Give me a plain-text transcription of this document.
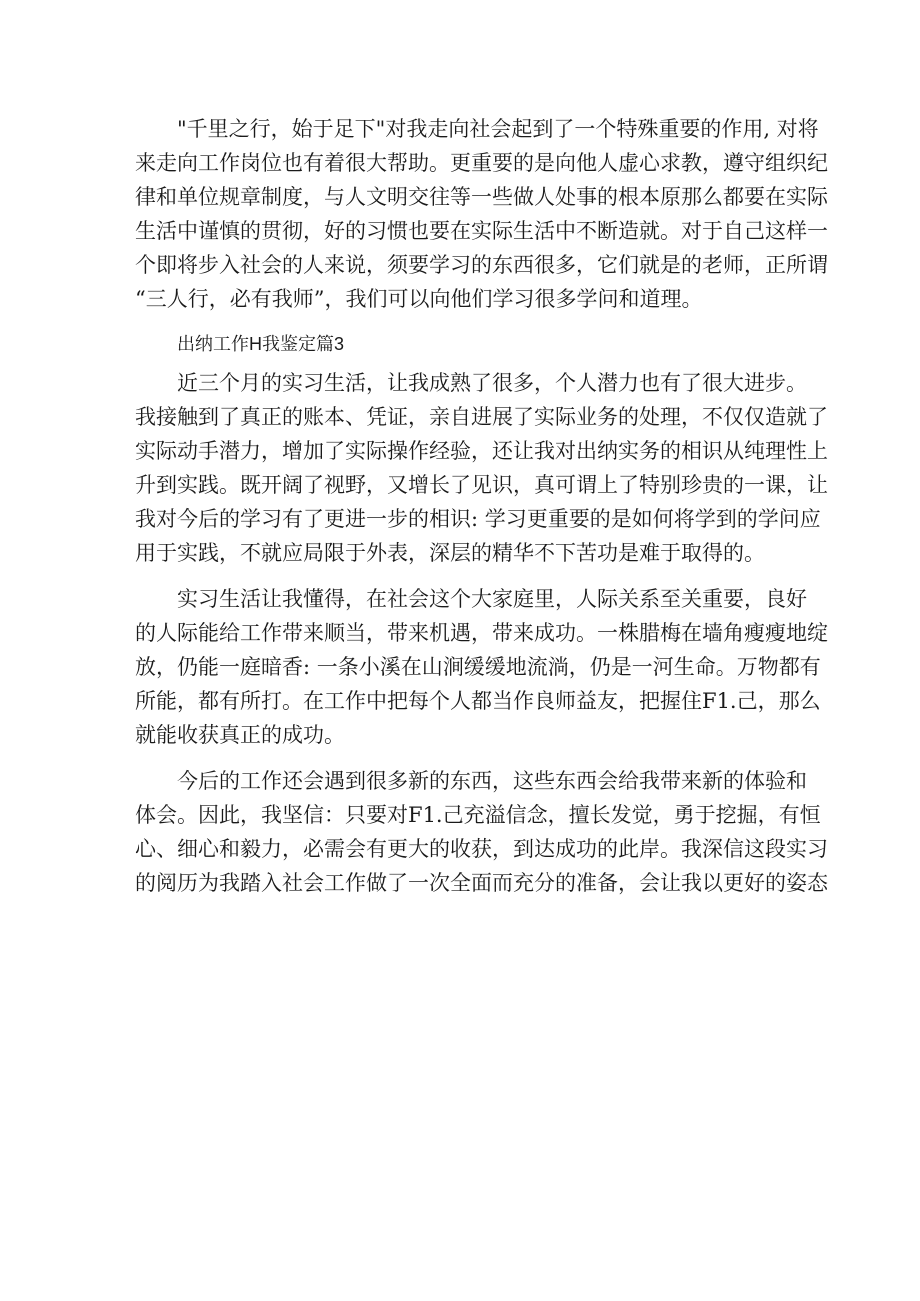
"千里之行，始于足下"对我走向社会起到了一个特殊重要的作用, 对将
来走向工作岗位也有着很大帮助。更重要的是向他人虚心求教，遵守组织纪
律和单位规章制度，与人文明交往等一些做人处事的根本原那么都要在实际
生活中谨慎的贯彻，好的习惯也要在实际生活中不断造就。对于自己这样一
个即将步入社会的人来说，须要学习的东西很多，它们就是的老师，正所谓
“三人行，必有我师”，我们可以向他们学习很多学问和道理。
出纳工作H我鉴定篇3
近三个月的实习生活，让我成熟了很多，个人潜力也有了很大进步。
我接触到了真正的账本、凭证，亲自进展了实际业务的处理，不仅仅造就了
实际动手潜力，增加了实际操作经验，还让我对出纳实务的相识从纯理性上
升到实践。既开阔了视野，又增长了见识，真可谓上了特别珍贵的一课，让
我对今后的学习有了更进一步的相识: 学习更重要的是如何将学到的学问应
用于实践，不就应局限于外表，深层的精华不下苦功是难于取得的。
实习生活让我懂得，在社会这个大家庭里，人际关系至关重要，良好
的人际能给工作带来顺当，带来机遇，带来成功。一株腊梅在墙角瘦瘦地绽
放，仍能一庭暗香: 一条小溪在山涧缓缓地流淌，仍是一河生命。万物都有
所能，都有所打。在工作中把每个人都当作良师益友，把握住F1.己，那么
就能收获真正的成功。
今后的工作还会遇到很多新的东西，这些东西会给我带来新的体验和
体会。因此，我坚信：只要对F1.己充溢信念，擅长发觉，勇于挖掘，有恒
心、细心和毅力，必需会有更大的收获，到达成功的此岸。我深信这段实习
的阅历为我踏入社会工作做了一次全面而充分的准备，会让我以更好的姿态
